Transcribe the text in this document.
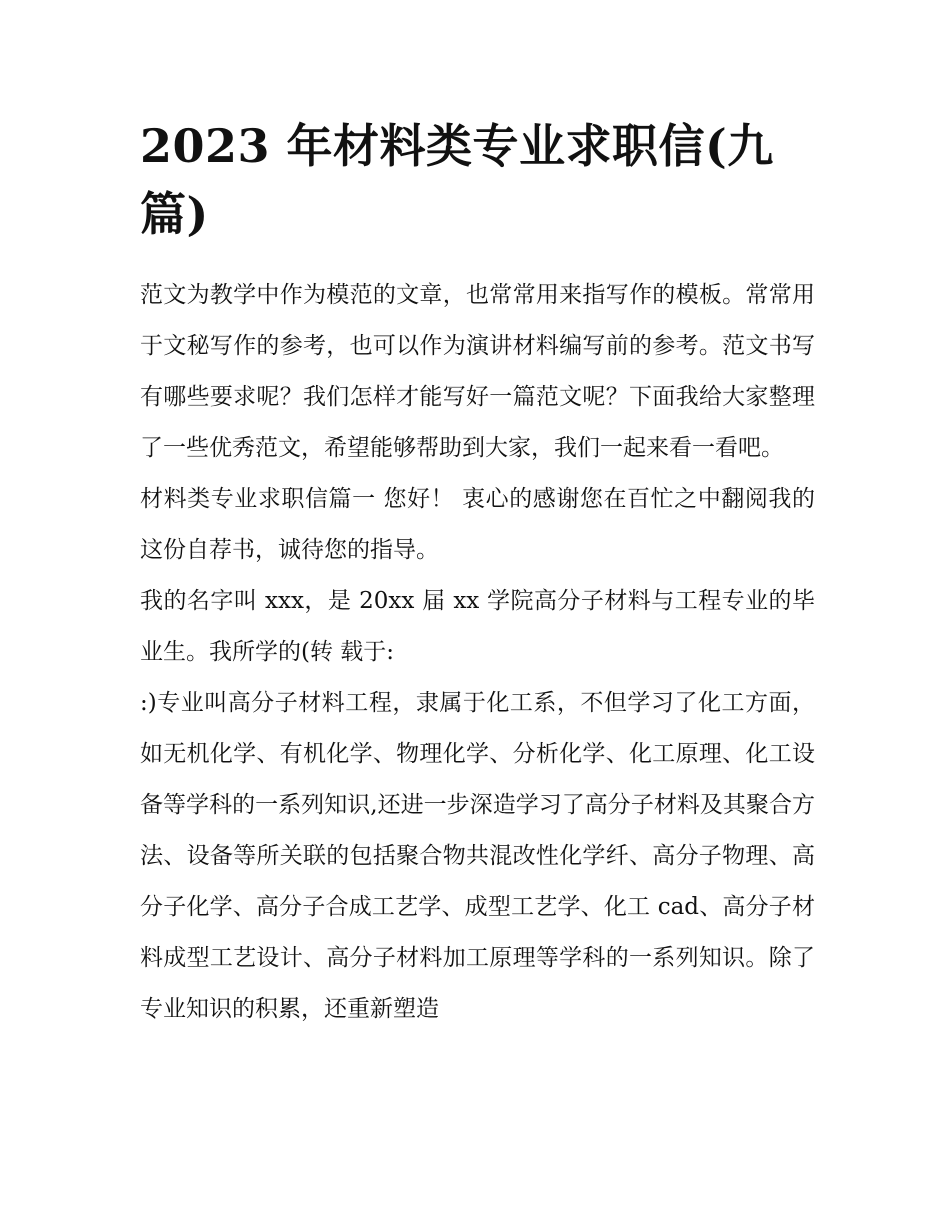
2023 年材料类专业求职信(九篇)

范文为教学中作为模范的文章，也常常用来指写作的模板。常常用于文秘写作的参考，也可以作为演讲材料编写前的参考。范文书写有哪些要求呢？我们怎样才能写好一篇范文呢？下面我给大家整理了一些优秀范文，希望能够帮助到大家，我们一起来看一看吧。

材料类专业求职信篇一 您好！ 衷心的感谢您在百忙之中翻阅我的这份自荐书，诚待您的指导。

我的名字叫 xxx，是 20xx 届 xx 学院高分子材料与工程专业的毕业生。我所学的(转 载于:

:)专业叫高分子材料工程，隶属于化工系，不但学习了化工方面，如无机化学、有机化学、物理化学、分析化学、化工原理、化工设备等学科的一系列知识,还进一步深造学习了高分子材料及其聚合方法、设备等所关联的包括聚合物共混改性化学纤、高分子物理、高分子化学、高分子合成工艺学、成型工艺学、化工 cad、高分子材料成型工艺设计、高分子材料加工原理等学科的一系列知识。除了专业知识的积累，还重新塑造
